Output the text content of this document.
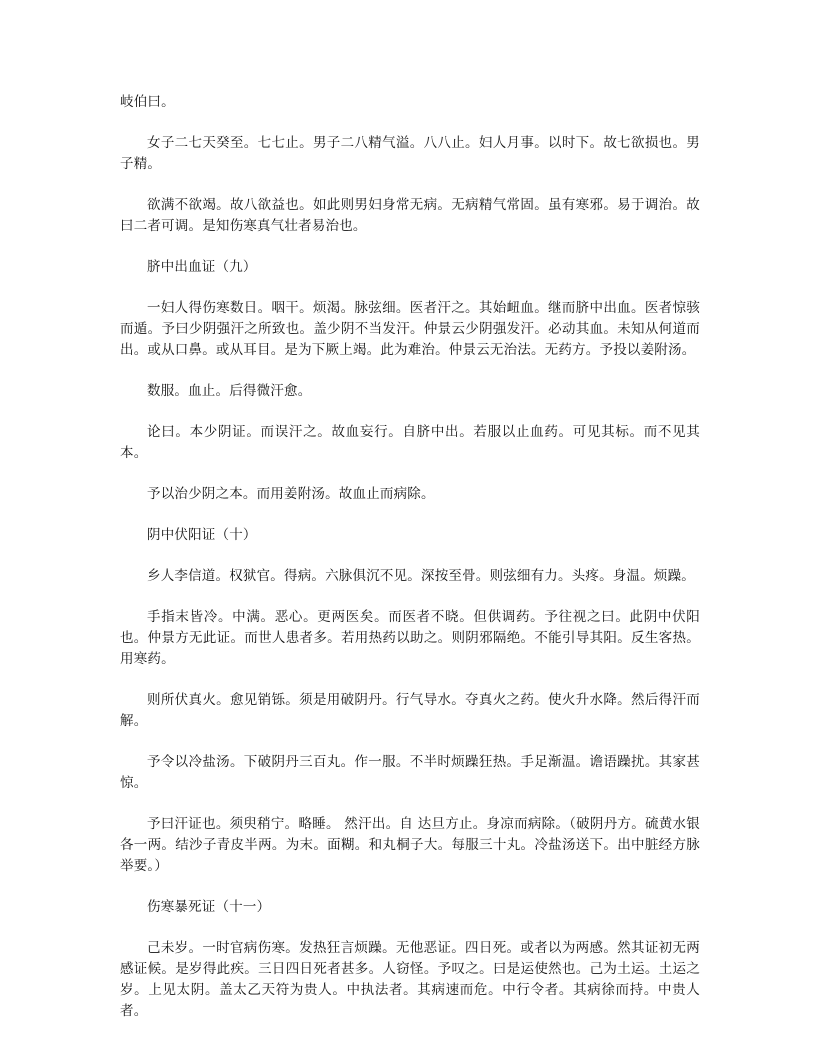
岐伯曰。

女子二七天癸至。七七止。男子二八精气溢。八八止。妇人月事。以时下。故七欲损也。男子精。

欲满不欲竭。故八欲益也。如此则男妇身常无病。无病精气常固。虽有寒邪。易于调治。故曰二者可调。是知伤寒真气壮者易治也。

脐中出血证（九）

一妇人得伤寒数日。咽干。烦渴。脉弦细。医者汗之。其始衄血。继而脐中出血。医者惊骇而遁。予曰少阴强汗之所致也。盖少阴不当发汗。仲景云少阴强发汗。必动其血。未知从何道而出。或从口鼻。或从耳目。是为下厥上竭。此为难治。仲景云无治法。无药方。予投以姜附汤。

数服。血止。后得微汗愈。

论曰。本少阴证。而误汗之。故血妄行。自脐中出。若服以止血药。可见其标。而不见其本。

予以治少阴之本。而用姜附汤。故血止而病除。

阴中伏阳证（十）

乡人李信道。权狱官。得病。六脉俱沉不见。深按至骨。则弦细有力。头疼。身温。烦躁。

手指末皆冷。中满。恶心。更两医矣。而医者不晓。但供调药。予往视之曰。此阴中伏阳也。仲景方无此证。而世人患者多。若用热药以助之。则阴邪隔绝。不能引导其阳。反生客热。用寒药。

则所伏真火。愈见销铄。须是用破阴丹。行气导水。夺真火之药。使火升水降。然后得汗而解。

予令以冷盐汤。下破阴丹三百丸。作一服。不半时烦躁狂热。手足渐温。谵语躁扰。其家甚惊。

予曰汗证也。须臾稍宁。略睡。 然汗出。自 达旦方止。身凉而病除。（破阴丹方。硫黄水银各一两。结沙子青皮半两。为末。面糊。和丸桐子大。每服三十丸。冷盐汤送下。出中脏经方脉举要。）

伤寒暴死证（十一）

己未岁。一时官病伤寒。发热狂言烦躁。无他恶证。四日死。或者以为两感。然其证初无两感证候。是岁得此疾。三日四日死者甚多。人窃怪。予叹之。曰是运使然也。己为土运。土运之岁。上见太阴。盖太乙天符为贵人。中执法者。其病速而危。中行令者。其病徐而持。中贵人者。
